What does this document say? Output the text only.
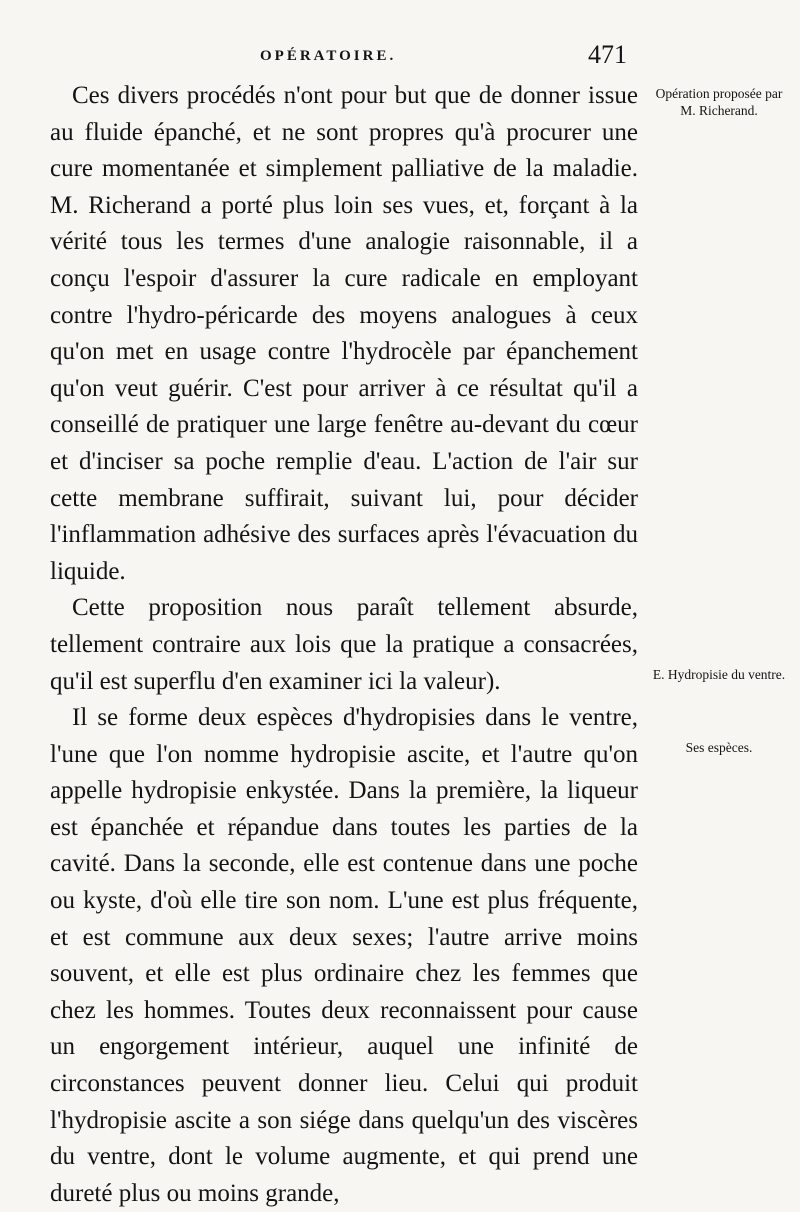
OPÉRATOIRE.	471

Ces divers procédés n'ont pour but que de donner issue au fluide épanché, et ne sont propres qu'à procurer une cure momentanée et simplement palliative de la maladie. M. Richerand a porté plus loin ses vues, et, forçant à la vérité tous les termes d'une analogie raisonnable, il a conçu l'espoir d'assurer la cure radicale en employant contre l'hydro-péricarde des moyens analogues à ceux qu'on met en usage contre l'hydrocèle par épanchement qu'on veut guérir. C'est pour arriver à ce résultat qu'il a conseillé de pratiquer une large fenêtre au-devant du cœur et d'inciser sa poche remplie d'eau. L'action de l'air sur cette membrane suffirait, suivant lui, pour décider l'inflammation adhésive des surfaces après l'évacuation du liquide.

Cette proposition nous paraît tellement absurde, tellement contraire aux lois que la pratique a consacrées, qu'il est superflu d'en examiner ici la valeur).

Il se forme deux espèces d'hydropisies dans le ventre, l'une que l'on nomme hydropisie ascite, et l'autre qu'on appelle hydropisie enkystée. Dans la première, la liqueur est épanchée et répandue dans toutes les parties de la cavité. Dans la seconde, elle est contenue dans une poche ou kyste, d'où elle tire son nom. L'une est plus fréquente, et est commune aux deux sexes; l'autre arrive moins souvent, et elle est plus ordinaire chez les femmes que chez les hommes. Toutes deux reconnaissent pour cause un engorgement intérieur, auquel une infinité de circonstances peuvent donner lieu. Celui qui produit l'hydropisie ascite a son siége dans quelqu'un des viscères du ventre, dont le volume augmente, et qui prend une dureté plus ou moins grande,

Opération proposée par M. Richerand.
E. Hydropisie du ventre.
Ses espèces.
